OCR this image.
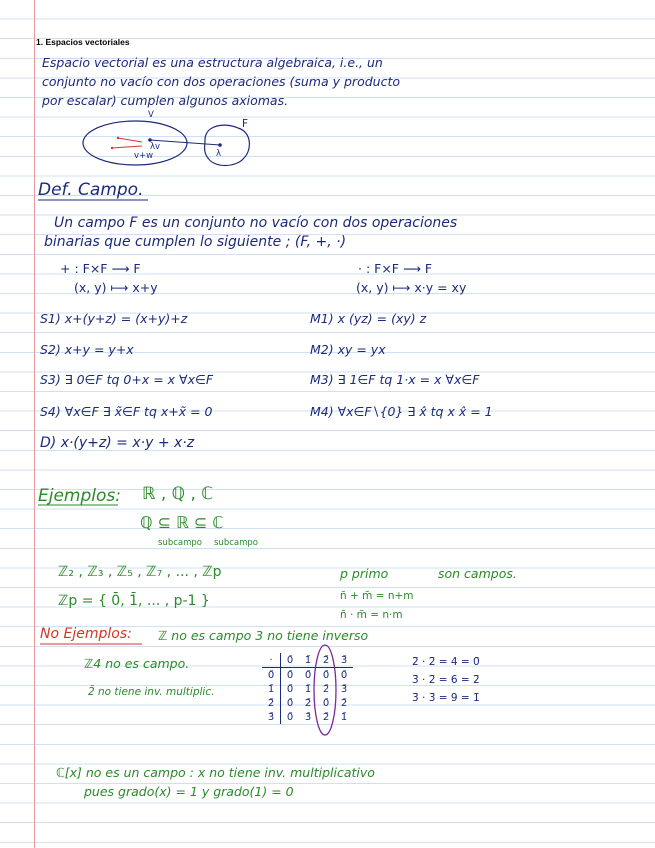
1. Espacios vectoriales
Espacio vectorial es una estructura algebraica, i.e., un
conjunto no vacío con dos operaciones (suma y producto
por escalar) cumplen algunos axiomas.
V
F
λv
v+w	λ
Def. Campo.
Un campo F es un conjunto no vacío con dos operaciones
binarias que cumplen lo siguiente ; (F, +, ·)
+ : F×F ⟶ F
(x, y) ⟼ x+y
· : F×F ⟶ F
(x, y) ⟼ x·y = xy
S1) x+(y+z) = (x+y)+z	M1) x (yz) = (xy) z
S2) x+y = y+x	M2) xy = yx
S3) ∃ 0∈F tq 0+x = x ∀x∈F	M3) ∃ 1∈F tq 1·x = x ∀x∈F
S4) ∀x∈F ∃ x̃∈F tq x+x̃ = 0	M4) ∀x∈F∖{0} ∃ x̂ tq x x̂ = 1
D) x·(y+z) = x·y + x·z
Ejemplos: ℝ , ℚ , ℂ
ℚ ⊆ ℝ ⊆ ℂ
subcampo subcampo
ℤ₂ , ℤ₃ , ℤ₅ , ℤ₇ , ... , ℤp	p primo	son campos.
ℤp = { 0̄, 1̄, ... , p-1 }	n̄ + m̄ = n+m
n̄ · m̄ = n·m
No Ejemplos: ℤ no es campo 3 no tiene inverso
ℤ4 no es campo.
2̄ no tiene inv. multiplic.
·	0̄	1̄	2̄	3̄
0̄	0̄	0̄	0̄	0̄
1̄	0̄	1̄	2̄	3̄
2̄	0̄	2̄	0̄	2̄
3̄	0̄	3̄	2̄	1̄
2̄ · 2̄ = 4 = 0̄
3̄ · 2̄ = 6 = 2̄
3̄ · 3̄ = 9 = 1̄
ℂ[x] no es un campo : x no tiene inv. multiplicativo
pues grado(x) = 1 y grado(1) = 0
